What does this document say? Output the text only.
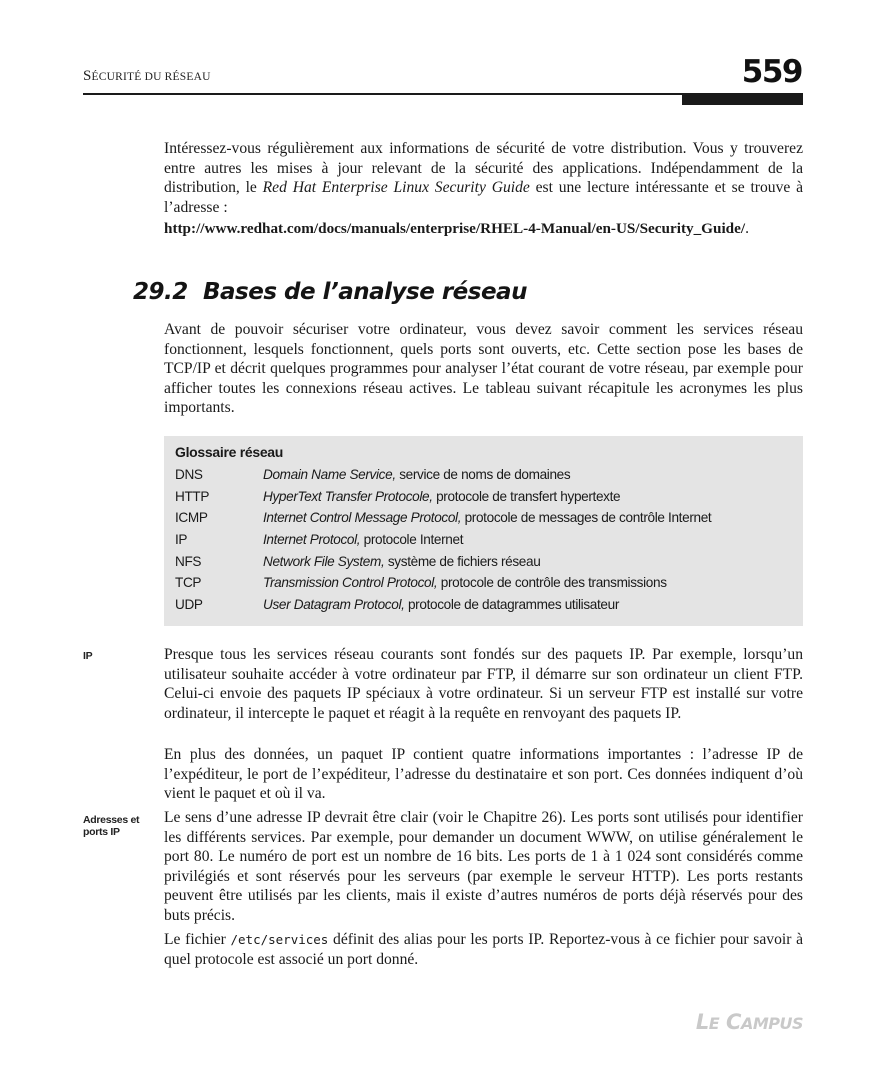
SÉCURITÉ DU RÉSEAU	559

Intéressez-vous régulièrement aux informations de sécurité de votre distribution. Vous y trouverez entre autres les mises à jour relevant de la sécurité des applications. Indépendamment de la distribution, le Red Hat Enterprise Linux Security Guide est une lecture intéressante et se trouve à l’adresse :

http://www.redhat.com/docs/manuals/enterprise/RHEL-4-Manual/en-US/Security_Guide/.

29.2 Bases de l’analyse réseau

Avant de pouvoir sécuriser votre ordinateur, vous devez savoir comment les services réseau fonctionnent, lesquels fonctionnent, quels ports sont ouverts, etc. Cette section pose les bases de TCP/IP et décrit quelques programmes pour analyser l’état courant de votre réseau, par exemple pour afficher toutes les connexions réseau actives. Le tableau suivant récapitule les acronymes les plus importants.

Glossaire réseau
DNS	Domain Name Service, service de noms de domaines
HTTP	HyperText Transfer Protocole, protocole de transfert hypertexte
ICMP	Internet Control Message Protocol, protocole de messages de contrôle Internet
IP	Internet Protocol, protocole Internet
NFS	Network File System, système de fichiers réseau
TCP	Transmission Control Protocol, protocole de contrôle des transmissions
UDP	User Datagram Protocol, protocole de datagrammes utilisateur
IP
Adresses et
ports IP

Presque tous les services réseau courants sont fondés sur des paquets IP. Par exemple, lorsqu’un utilisateur souhaite accéder à votre ordinateur par FTP, il démarre sur son ordinateur un client FTP. Celui-ci envoie des paquets IP spéciaux à votre ordinateur. Si un serveur FTP est installé sur votre ordinateur, il intercepte le paquet et réagit à la requête en renvoyant des paquets IP.

En plus des données, un paquet IP contient quatre informations importantes : l’adresse IP de l’expéditeur, le port de l’expéditeur, l’adresse du destinataire et son port. Ces données indiquent d’où vient le paquet et où il va.

Le sens d’une adresse IP devrait être clair (voir le Chapitre 26). Les ports sont utilisés pour identifier les différents services. Par exemple, pour demander un document WWW, on utilise généralement le port 80. Le numéro de port est un nombre de 16 bits. Les ports de 1 à 1 024 sont considérés comme privilégiés et sont réservés pour les serveurs (par exemple le serveur HTTP). Les ports restants peuvent être utilisés par les clients, mais il existe d’autres numéros de ports déjà réservés pour des buts précis.

Le fichier /etc/services définit des alias pour les ports IP. Reportez-vous à ce fichier pour savoir à quel protocole est associé un port donné.

LE CAMPUS
